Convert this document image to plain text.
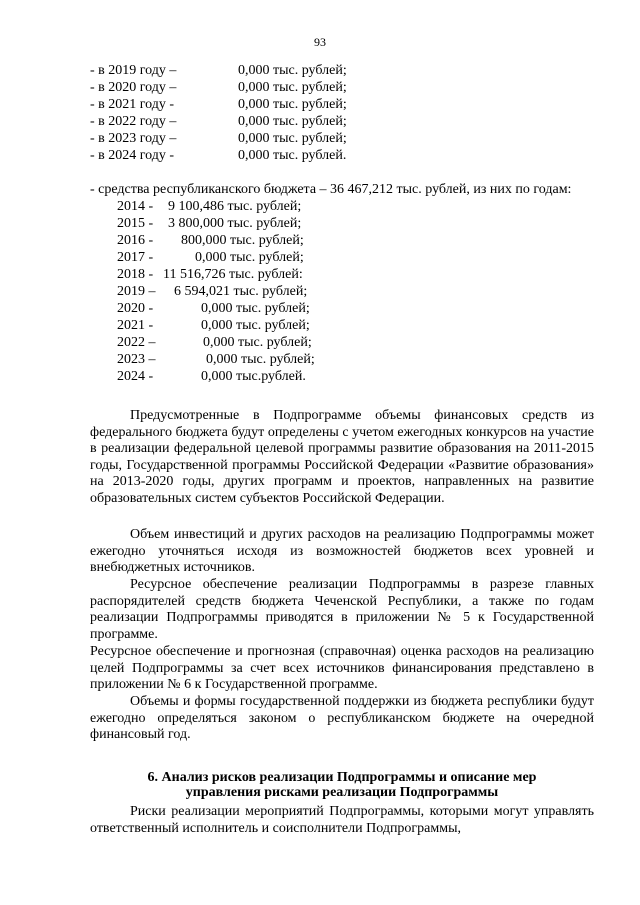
93
- в 2019 году –	0,000 тыс. рублей;
- в 2020 году –	0,000 тыс. рублей;
- в 2021 году -	0,000 тыс. рублей;
- в 2022 году –	0,000 тыс. рублей;
- в 2023 году –	0,000 тыс. рублей;
- в 2024 году -	0,000 тыс. рублей.
- средства республиканского бюджета – 36 467,212 тыс. рублей, из них по годам:
2014 - 9 100,486 тыс. рублей;
2015 - 3 800,000 тыс. рублей;
2016 - 800,000 тыс. рублей;
2017 -	0,000 тыс. рублей;
2018 - 11 516,726 тыс. рублей:
2019 – 6 594,021 тыс. рублей;
2020 -	0,000 тыс. рублей;
2021 -	0,000 тыс. рублей;
2022 –	0,000 тыс. рублей;
2023 –	0,000 тыс. рублей;
2024 -	0,000 тыс.рублей.
Предусмотренные в Подпрограмме объемы финансовых средств из федерального бюджета будут определены с учетом ежегодных конкурсов на участие в реализации федеральной целевой программы развитие образования на 2011-2015 годы, Государственной программы Российской Федерации «Развитие образования» на 2013-2020 годы, других программ и проектов, направленных на развитие образовательных систем субъектов Российской Федерации.
Объем инвестиций и других расходов на реализацию Подпрограммы может ежегодно уточняться исходя из возможностей бюджетов всех уровней и внебюджетных источников.
Ресурсное обеспечение реализации Подпрограммы в разрезе главных распорядителей средств бюджета Чеченской Республики, а также по годам реализации Подпрограммы приводятся в приложении № 5 к Государственной программе.
Ресурсное обеспечение и прогнозная (справочная) оценка расходов на реализацию целей Подпрограммы за счет всех источников финансирования представлено в приложении № 6 к Государственной программе.
Объемы и формы государственной поддержки из бюджета республики будут ежегодно определяться законом о республиканском бюджете на очередной финансовый год.
6. Анализ рисков реализации Подпрограммы и описание мер
управления рисками реализации Подпрограммы
Риски реализации мероприятий Подпрограммы, которыми могут управлять ответственный исполнитель и соисполнители Подпрограммы,
